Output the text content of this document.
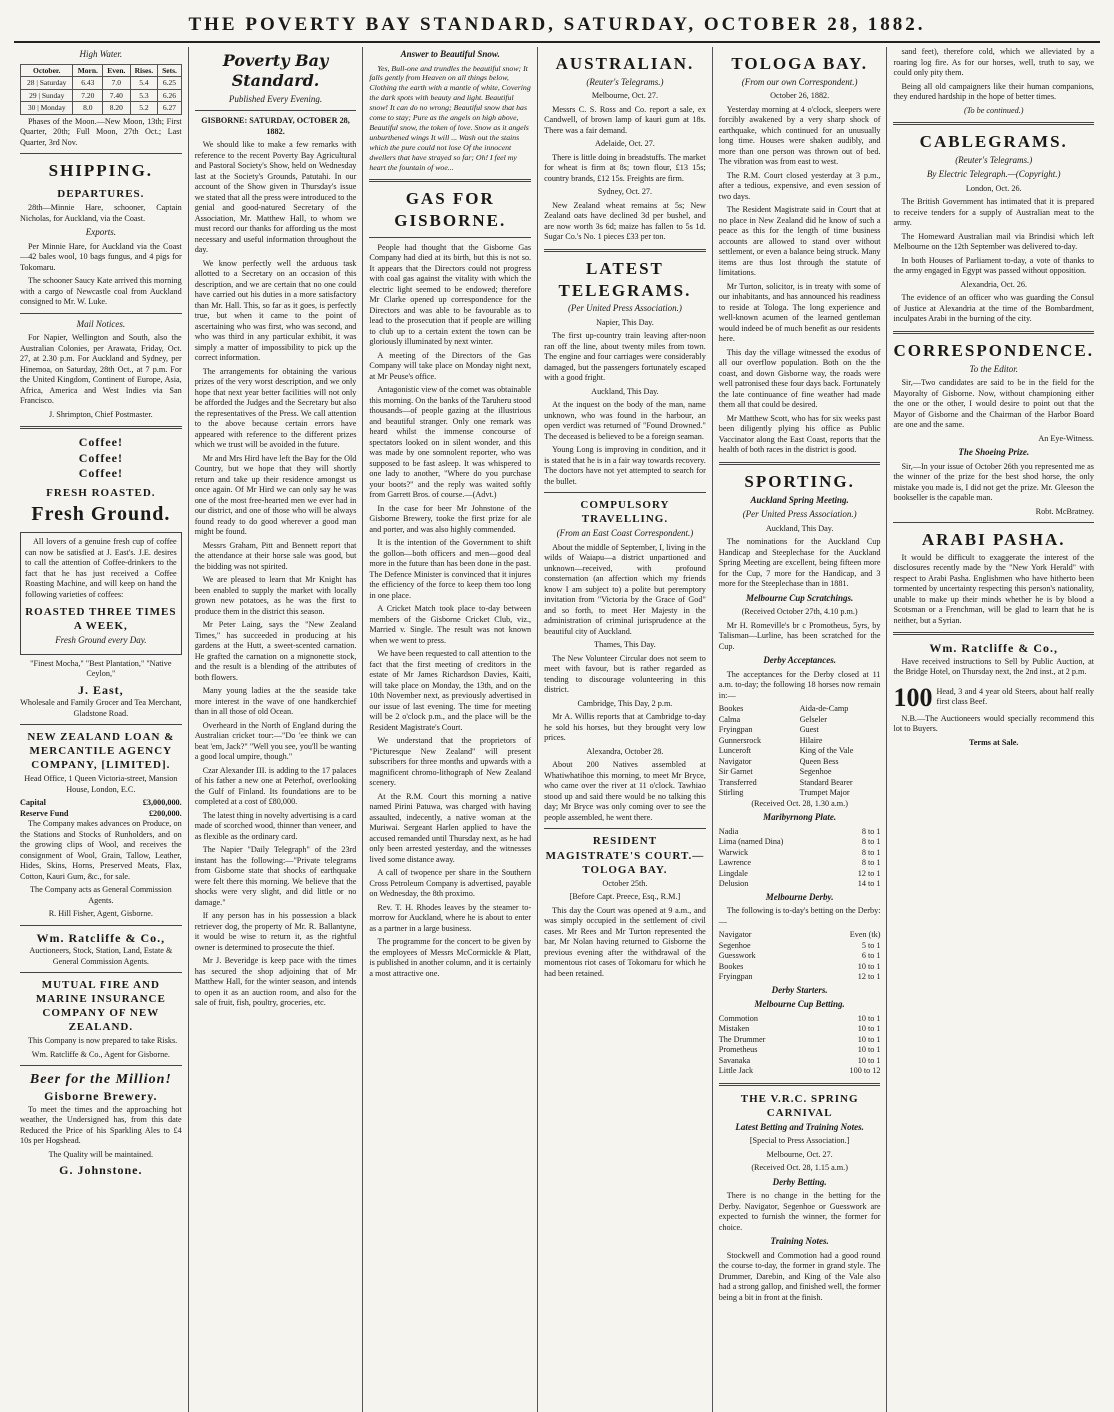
THE POVERTY BAY STANDARD, SATURDAY, OCTOBER 28, 1882.
High Water.
October.	Morn.	Even.	Rises.	Sets.
28 | Saturday	6.43	7.0	5.4	6.25
29 | Sunday	7.20	7.40	5.3	6.26
30 | Monday	8.0	8.20	5.2	6.27

Phases of the Moon.—New Moon, 13th; First Quarter, 20th; Full Moon, 27th Oct.; Last Quarter, 3rd Nov.

SHIPPING.
DEPARTURES.

28th—Minnie Hare, schooner, Captain Nicholas, for Auckland, via the Coast.

Exports.

Per Minnie Hare, for Auckland via the Coast—42 bales wool, 10 bags fungus, and 4 pigs for Tokomaru.

The schooner Saucy Kate arrived this morning with a cargo of Newcastle coal from Auckland consigned to Mr. W. Luke.

Mail Notices.

For Napier, Wellington and South, also the Australian Colonies, per Arawata, Friday, Oct. 27, at 2.30 p.m. For Auckland and Sydney, per Hinemoa, on Saturday, 28th Oct., at 7 p.m. For the United Kingdom, Continent of Europe, Asia, Africa, America and West Indies via San Francisco.

J. Shrimpton, Chief Postmaster.

Coffee!
Coffee!
Coffee!
FRESH ROASTED.
Fresh Ground.

All lovers of a genuine fresh cup of coffee can now be satisfied at J. East's. J.E. desires to call the attention of Coffee-drinkers to the fact that he has just received a Coffee Roasting Machine, and will keep on hand the following varieties of coffees:

ROASTED THREE TIMES A WEEK,
Fresh Ground every Day.

"Finest Mocha," "Best Plantation," "Native Ceylon,"

J. East,

Wholesale and Family Grocer and Tea Merchant, Gladstone Road.

NEW ZEALAND LOAN & MERCANTILE AGENCY COMPANY, [LIMITED].

Head Office, 1 Queen Victoria-street, Mansion House, London, E.C.

Capital	£3,000,000.
Reserve Fund	£200,000.

The Company makes advances on Produce, on the Stations and Stocks of Runholders, and on the growing clips of Wool, and receives the consignment of Wool, Grain, Tallow, Leather, Hides, Skins, Horns, Preserved Meats, Flax, Cotton, Kauri Gum, &c., for sale.

The Company acts as General Commission Agents.

R. Hill Fisher, Agent, Gisborne.

Wm. Ratcliffe & Co.,

Auctioneers, Stock, Station, Land, Estate & General Commission Agents.

MUTUAL FIRE AND MARINE INSURANCE COMPANY OF NEW ZEALAND.

This Company is now prepared to take Risks.

Wm. Ratcliffe & Co., Agent for Gisborne.

Beer for the Million!
Gisborne Brewery.

To meet the times and the approaching hot weather, the Undersigned has, from this date Reduced the Price of his Sparkling Ales to £4 10s per Hogshead.

The Quality will be maintained.

G. Johnstone.
Poverty Bay Standard.
Published Every Evening.

GISBORNE: SATURDAY, OCTOBER 28, 1882.

We should like to make a few remarks with reference to the recent Poverty Bay Agricultural and Pastoral Society's Show, held on Wednesday last at the Society's Grounds, Patutahi. In our account of the Show given in Thursday's issue we stated that all the press were introduced to the genial and good-natured Secretary of the Association, Mr. Matthew Hall, to whom we must record our thanks for affording us the most necessary and useful information throughout the day.

We know perfectly well the arduous task allotted to a Secretary on an occasion of this description, and we are certain that no one could have carried out his duties in a more satisfactory than Mr. Hall. This, so far as it goes, is perfectly true, but when it came to the point of ascertaining who was first, who was second, and who was third in any particular exhibit, it was simply a matter of impossibility to pick up the correct information.

The arrangements for obtaining the various prizes of the very worst description, and we only hope that next year better facilities will not only be afforded the Judges and the Secretary but also the representatives of the Press. We call attention to the above because certain errors have appeared with reference to the different prizes which we trust will be avoided in the future.

Mr and Mrs Hird have left the Bay for the Old Country, but we hope that they will shortly return and take up their residence amongst us once again. Of Mr Hird we can only say he was one of the most free-hearted men we ever had in our district, and one of those who will be always found ready to do good wherever a good man might be found.

Messrs Graham, Pitt and Bennett report that the attendance at their horse sale was good, but the bidding was not spirited.

We are pleased to learn that Mr Knight has been enabled to supply the market with locally grown new potatoes, as he was the first to produce them in the district this season.

Mr Peter Laing, says the "New Zealand Times," has succeeded in producing at his gardens at the Hutt, a sweet-scented carnation. He grafted the carnation on a mignonette stock, and the result is a blending of the attributes of both flowers.

Many young ladies at the the seaside take more interest in the wave of one handkerchief than in all those of old Ocean.

Overheard in the North of England during the Australian cricket tour:—"Do 'ee think we can beat 'em, Jack?" "Well you see, you'll be wanting a good local umpire, though."

Czar Alexander III. is adding to the 17 palaces of his father a new one at Peterhof, overlooking the Gulf of Finland. Its foundations are to be completed at a cost of £80,000.

The latest thing in novelty advertising is a card made of scorched wood, thinner than veneer, and as flexible as the ordinary card.

The Napier "Daily Telegraph" of the 23rd instant has the following:—"Private telegrams from Gisborne state that shocks of earthquake were felt there this morning. We believe that the shocks were very slight, and did little or no damage."

If any person has in his possession a black retriever dog, the property of Mr. R. Ballantyne, it would be wise to return it, as the rightful owner is determined to prosecute the thief.

Mr J. Beveridge is keep pace with the times has secured the shop adjoining that of Mr Matthew Hall, for the winter season, and intends to open it as an auction room, and also for the sale of fruit, fish, poultry, groceries, etc.

Answer to Beautiful Snow.

Yes, Bull-one and trundles the beautiful snow; It falls gently from Heaven on all things below, Clothing the earth with a mantle of white, Covering the dark spots with beauty and light. Beautiful snow! It can do no wrong; Beautiful snow that has come to stay; Pure as the angels on high above, Beautiful snow, the token of love. Snow as it angels unburthened wings It will ... Wash out the stains which the pure could not lose Of the innocent dwellers that have strayed so far; Oh! I feel my heart the fountain of woe...

GAS FOR GISBORNE.

People had thought that the Gisborne Gas Company had died at its birth, but this is not so. It appears that the Directors could not progress with coal gas against the vitality with which the electric light seemed to be endowed; therefore Mr Clarke opened up correspondence for the Directors and was able to be favourable as to lead to the prosecution that if people are willing to club up to a certain extent the town can be gloriously illuminated by next winter.

A meeting of the Directors of the Gas Company will take place on Monday night next, at Mr Peuse's office.

Antagonistic view of the comet was obtainable this morning. On the banks of the Taruheru stood thousands—of people gazing at the illustrious and beautiful stranger. Only one remark was heard whilst the immense concourse of spectators looked on in silent wonder, and this was made by one somnolent reporter, who was supposed to be fast asleep. It was whispered to one lady to another, "Where do you purchase your boots?" and the reply was waited softly from Garrett Bros. of course.—(Advt.)

In the case for beer Mr Johnstone of the Gisborne Brewery, tooke the first prize for ale and porter, and was also highly commended.

It is the intention of the Government to shift the gollon—both officers and men—good deal more in the future than has been done in the past. The Defence Minister is convinced that it injures the efficiency of the force to keep them too long in one place.

A Cricket Match took place to-day between members of the Gisborne Cricket Club, viz., Married v. Single. The result was not known when we went to press.

We have been requested to call attention to the fact that the first meeting of creditors in the estate of Mr James Richardson Davies, Kaiti, will take place on Monday, the 13th, and on the 10th November next, as previously advertised in our issue of last evening. The time for meeting will be 2 o'clock p.m., and the place will be the Resident Magistrate's Court.

We understand that the proprietors of "Picturesque New Zealand" will present subscribers for three months and upwards with a magnificent chromo-lithograph of New Zealand scenery.

At the R.M. Court this morning a native named Pirini Patuwa, was charged with having assaulted, indecently, a native woman at the Muriwai. Sergeant Harlen applied to have the accused remanded until Thursday next, as he had only been arrested yesterday, and the witnesses lived some distance away.

A call of twopence per share in the Southern Cross Petroleum Company is advertised, payable on Wednesday, the 8th proximo.

Rev. T. H. Rhodes leaves by the steamer to-morrow for Auckland, where he is about to enter as a partner in a large business.

The programme for the concert to be given by the employees of Messrs McCormickle & Platt, is published in another column, and it is certainly a most attractive one.

AUSTRALIAN.
(Reuter's Telegrams.)

Melbourne, Oct. 27.

Messrs C. S. Ross and Co. report a sale, ex Candwell, of brown lamp of kauri gum at 18s. There was a fair demand.

Adelaide, Oct. 27.

There is little doing in breadstuffs. The market for wheat is firm at 8s; town flour, £13 15s; country brands, £12 15s. Freights are firm.

Sydney, Oct. 27.

New Zealand wheat remains at 5s; New Zealand oats have declined 3d per bushel, and are now worth 3s 6d; maize has fallen to 5s 1d. Sugar Co.'s No. 1 pieces £33 per ton.

LATEST TELEGRAMS.
(Per United Press Association.)

Napier, This Day.

The first up-country train leaving after-noon ran off the line, about twenty miles from town. The engine and four carriages were considerably damaged, but the passengers fortunately escaped with a good fright.

Auckland, This Day.

At the inquest on the body of the man, name unknown, who was found in the harbour, an open verdict was returned of "Found Drowned." The deceased is believed to be a foreign seaman.

Young Long is improving in condition, and it is stated that he is in a fair way towards recovery. The doctors have not yet attempted to search for the bullet.

COMPULSORY TRAVELLING.
(From an East Coast Correspondent.)

About the middle of September, I, living in the wilds of Waiapu—a district unpartioned and unknown—received, with profound consternation (an affection which my friends know I am subject to) a polite but peremptory invitation from "Victoria by the Grace of God" and so forth, to meet Her Majesty in the administration of criminal jurisprudence at the beautiful city of Auckland.

Thames, This Day.

The New Volunteer Circular does not seem to meet with favour, but is rather regarded as tending to discourage volunteering in this district.

Cambridge, This Day, 2 p.m.

Mr A. Willis reports that at Cambridge to-day he sold his horses, but they brought very low prices.

Alexandra, October 28.

About 200 Natives assembled at Whatiwhatihoe this morning, to meet Mr Bryce, who came over the river at 11 o'clock. Tawhiao stood up and said there would be no talking this day; Mr Bryce was only coming over to see the people assembled, he went there.

RESIDENT MAGISTRATE'S COURT.—TOLOGA BAY.

October 25th.

[Before Capt. Preece, Esq., R.M.]

This day the Court was opened at 9 a.m., and was simply occupied in the settlement of civil cases. Mr Rees and Mr Turton represented the bar, Mr Nolan having returned to Gisborne the previous evening after the withdrawal of the momentous riot cases of Tokomaru for which he had been retained.

TOLOGA BAY.
(From our own Correspondent.)

October 26, 1882.

Yesterday morning at 4 o'clock, sleepers were forcibly awakened by a very sharp shock of earthquake, which continued for an unusually long time. Houses were shaken audibly, and more than one person was thrown out of bed. The vibration was from east to west.

The R.M. Court closed yesterday at 3 p.m., after a tedious, expensive, and even session of two days.

The Resident Magistrate said in Court that at no place in New Zealand did he know of such a peace as this for the length of time business accounts are allowed to stand over without settlement, or even a balance being struck. Many items are thus lost through the statute of limitations.

Mr Turton, solicitor, is in treaty with some of our inhabitants, and has announced his readiness to reside at Tologa. The long experience and well-known acumen of the learned gentleman would indeed be of much benefit as our residents here.

This day the village witnessed the exodus of all our overflow population. Both on the the coast, and down Gisborne way, the roads were well patronised these four days back. Fortunately the late continuance of fine weather had made them all that could be desired.

Mr Matthew Scott, who has for six weeks past been diligently plying his office as Public Vaccinator along the East Coast, reports that the health of both races in the district is good.

SPORTING.
Auckland Spring Meeting.
(Per United Press Association.)

Auckland, This Day.

The nominations for the Auckland Cup Handicap and Steeplechase for the Auckland Spring Meeting are excellent, being fifteen more for the Cup, 7 more for the Handicap, and 3 more for the Steeplechase than in 1881.

Melbourne Cup Scratchings.

(Received October 27th, 4.10 p.m.)

Mr H. Romeville's br c Promotheus, 5yrs, by Talisman—Lurline, has been scratched for the Cup.

Derby Acceptances.

The acceptances for the Derby closed at 11 a.m. to-day; the following 18 horses now remain in:—

Bookes	Aida-de-Camp
Calma	Gelseler
Fryingpan	Guest
Gunnersrock	Hilaire
Lunceroft	King of the Vale
Navigator	Queen Bess
Sir Garnet	Segenhoe
Transferred	Standard Bearer
Stirling	Trumpet Major

(Received Oct. 28, 1.30 a.m.)

Maribyrnong Plate.
Nadia	8 to 1
Lima (named Dina)	8 to 1
Warwick	8 to 1
Lawrence	8 to 1
Lingdale	12 to 1
Delusion	14 to 1
Melbourne Derby.

The following is to-day's betting on the Derby:—

Navigator	Even (tk)
Segenhoe	5 to 1
Guesswork	6 to 1
Bookes	10 to 1
Fryingpan	12 to 1
Derby Starters.
Melbourne Cup Betting.
Commotion	10 to 1
Mistaken	10 to 1
The Drummer	10 to 1
Prometheus	10 to 1
Savanaka	10 to 1
Little Jack	100 to 12
THE V.R.C. SPRING CARNIVAL
Latest Betting and Training Notes.

[Special to Press Association.]

Melbourne, Oct. 27.

(Received Oct. 28, 1.15 a.m.)

Derby Betting.

There is no change in the betting for the Derby. Navigator, Segenhoe or Guesswork are expected to furnish the winner, the former for choice.

Training Notes.

Stockwell and Commotion had a good round the course to-day, the former in grand style. The Drummer, Darebin, and King of the Vale also had a strong gallop, and finished well, the former being a bit in front at the finish.

sand feet), therefore cold, which we alleviated by a roaring log fire. As for our horses, well, truth to say, we could only pity them.

Being all old campaigners like their human companions, they endured hardship in the hope of better times.

(To be continued.)

CABLEGRAMS.
(Reuter's Telegrams.)
By Electric Telegraph.—(Copyright.)

London, Oct. 26.

The British Government has intimated that it is prepared to receive tenders for a supply of Australian meat to the army.

The Homeward Australian mail via Brindisi which left Melbourne on the 12th September was delivered to-day.

In both Houses of Parliament to-day, a vote of thanks to the army engaged in Egypt was passed without opposition.

Alexandria, Oct. 26.

The evidence of an officer who was guarding the Consul of Justice at Alexandria at the time of the Bombardment, inculpates Arabi in the burning of the city.

CORRESPONDENCE.
To the Editor.

Sir,—Two candidates are said to be in the field for the Mayoralty of Gisborne. Now, without championing either the one or the other, I would desire to point out that the Mayor of Gisborne and the Chairman of the Harbor Board are one and the same.

An Eye-Witness.

The Shoeing Prize.

Sir,—In your issue of October 26th you represented me as the winner of the prize for the best shod horse, the only mistake you made is, I did not get the prize. Mr. Gleeson the bookseller is the capable man.

Robt. McBratney.

ARABI PASHA.

It would be difficult to exaggerate the interest of the disclosures recently made by the "New York Herald" with respect to Arabi Pasha. Englishmen who have hitherto been tormented by uncertainty respecting this person's nationality, unable to make up their minds whether he is by blood a Scotsman or a Frenchman, will be glad to learn that he is neither, but a Syrian.

Wm. Ratcliffe & Co.,

Have received instructions to Sell by Public Auction, at the Bridge Hotel, on Thursday next, the 2nd inst., at 2 p.m.

100 Head, 3 and 4 year old Steers, about half really first class Beef.

N.B.—The Auctioneers would specially recommend this lot to Buyers.

Terms at Sale.
